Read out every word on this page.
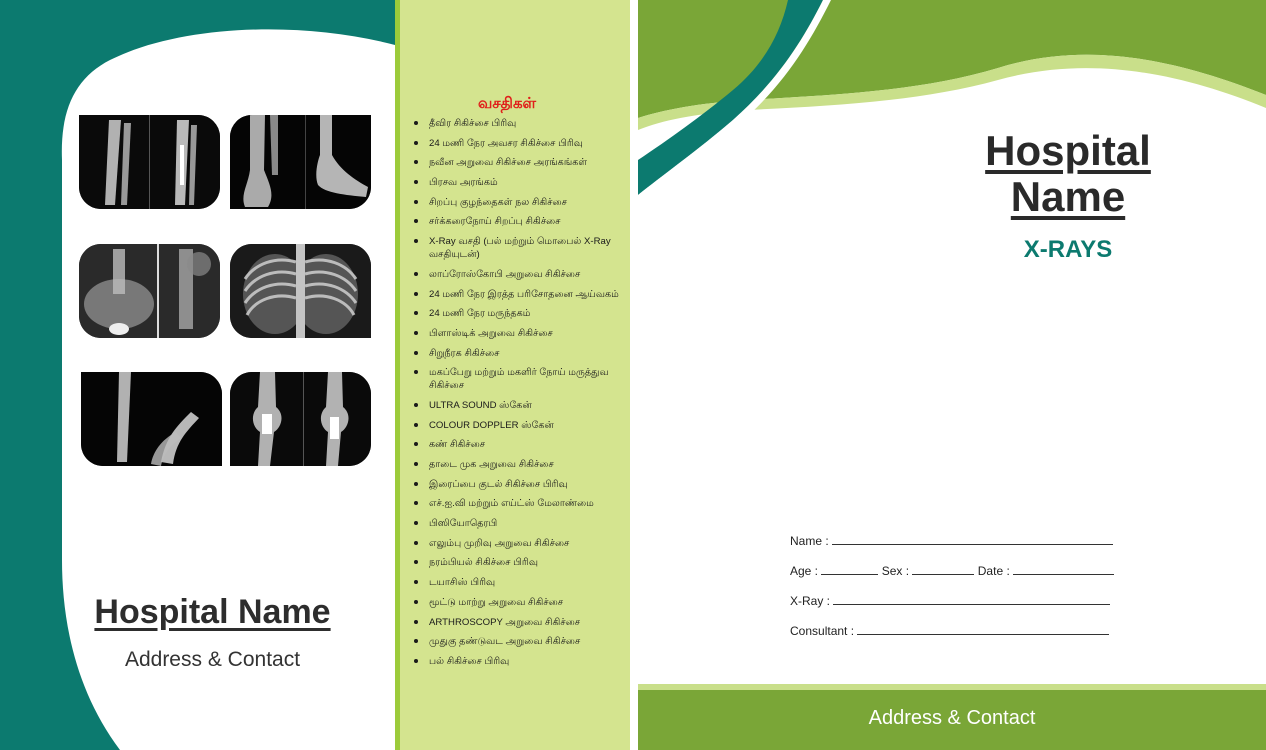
Hospital Name
Address & Contact
வசதிகள்
தீவிர சிகிச்சை பிரிவு
24 மணி நேர அவசர சிகிச்சை பிரிவு
நவீன அறுவை சிகிச்சை அரங்கங்கள்
பிரசவ அரங்கம்
சிறப்பு குழந்தைகள் நல சிகிச்சை
சர்க்கரைநோய் சிறப்பு சிகிச்சை
X-Ray வசதி (பல் மற்றும் மொபைல் X-Ray வசதியுடன்)
லாப்ரோஸ்கோபி அறுவை சிகிச்சை
24 மணி நேர இரத்த பரிசோதனை ஆய்வகம்
24 மணி நேர மருந்தகம்
பிளாஸ்டிக் அறுவை சிகிச்சை
சிறுநீரக சிகிச்சை
மகப்பேறு மற்றும் மகளிர் நோய் மருத்துவ சிகிச்சை
ULTRA SOUND ஸ்கேன்
COLOUR DOPPLER ஸ்கேன்
கண் சிகிச்சை
தாடை முக அறுவை சிகிச்சை
இரைப்பை குடல் சிகிச்சை பிரிவு
எச்.ஐ.வி மற்றும் எய்ட்ஸ் மேலாண்மை
பிஸியோதெரபி
எலும்பு முறிவு அறுவை சிகிச்சை
நரம்பியல் சிகிச்சை பிரிவு
டயாசிஸ் பிரிவு
மூட்டு மாற்று அறுவை சிகிச்சை
ARTHROSCOPY அறுவை சிகிச்சை
முதுகு தண்டுவட அறுவை சிகிச்சை
பல் சிகிச்சை பிரிவு
Hospital
Name
X-RAYS
Name :
Age :	Sex :	Date :
X-Ray :
Consultant :
Address & Contact
